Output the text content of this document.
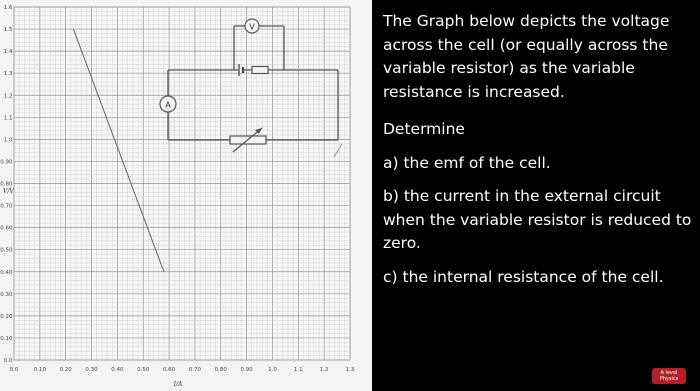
V
A
0.0	0.10 0.20 0.30 0.40 0.50 0.60 0.70 0.80 0.90	1.0	1.1	1.2	1.3
0.0
0.10
0.20
0.30
0.40
0.50
0.60
0.70
0.80
0.90
1.0
1.1
1.2
1.3
1.4
1.5
1.6
V/V
I/A

The Graph below depicts the voltage across the cell (or equally across the variable resistor) as the variable resistance is increased.

Determine

a) the emf of the cell.

b) the current in the external circuit when the variable resistor is reduced to zero.

c) the internal resistance of the cell.

A level Physics
